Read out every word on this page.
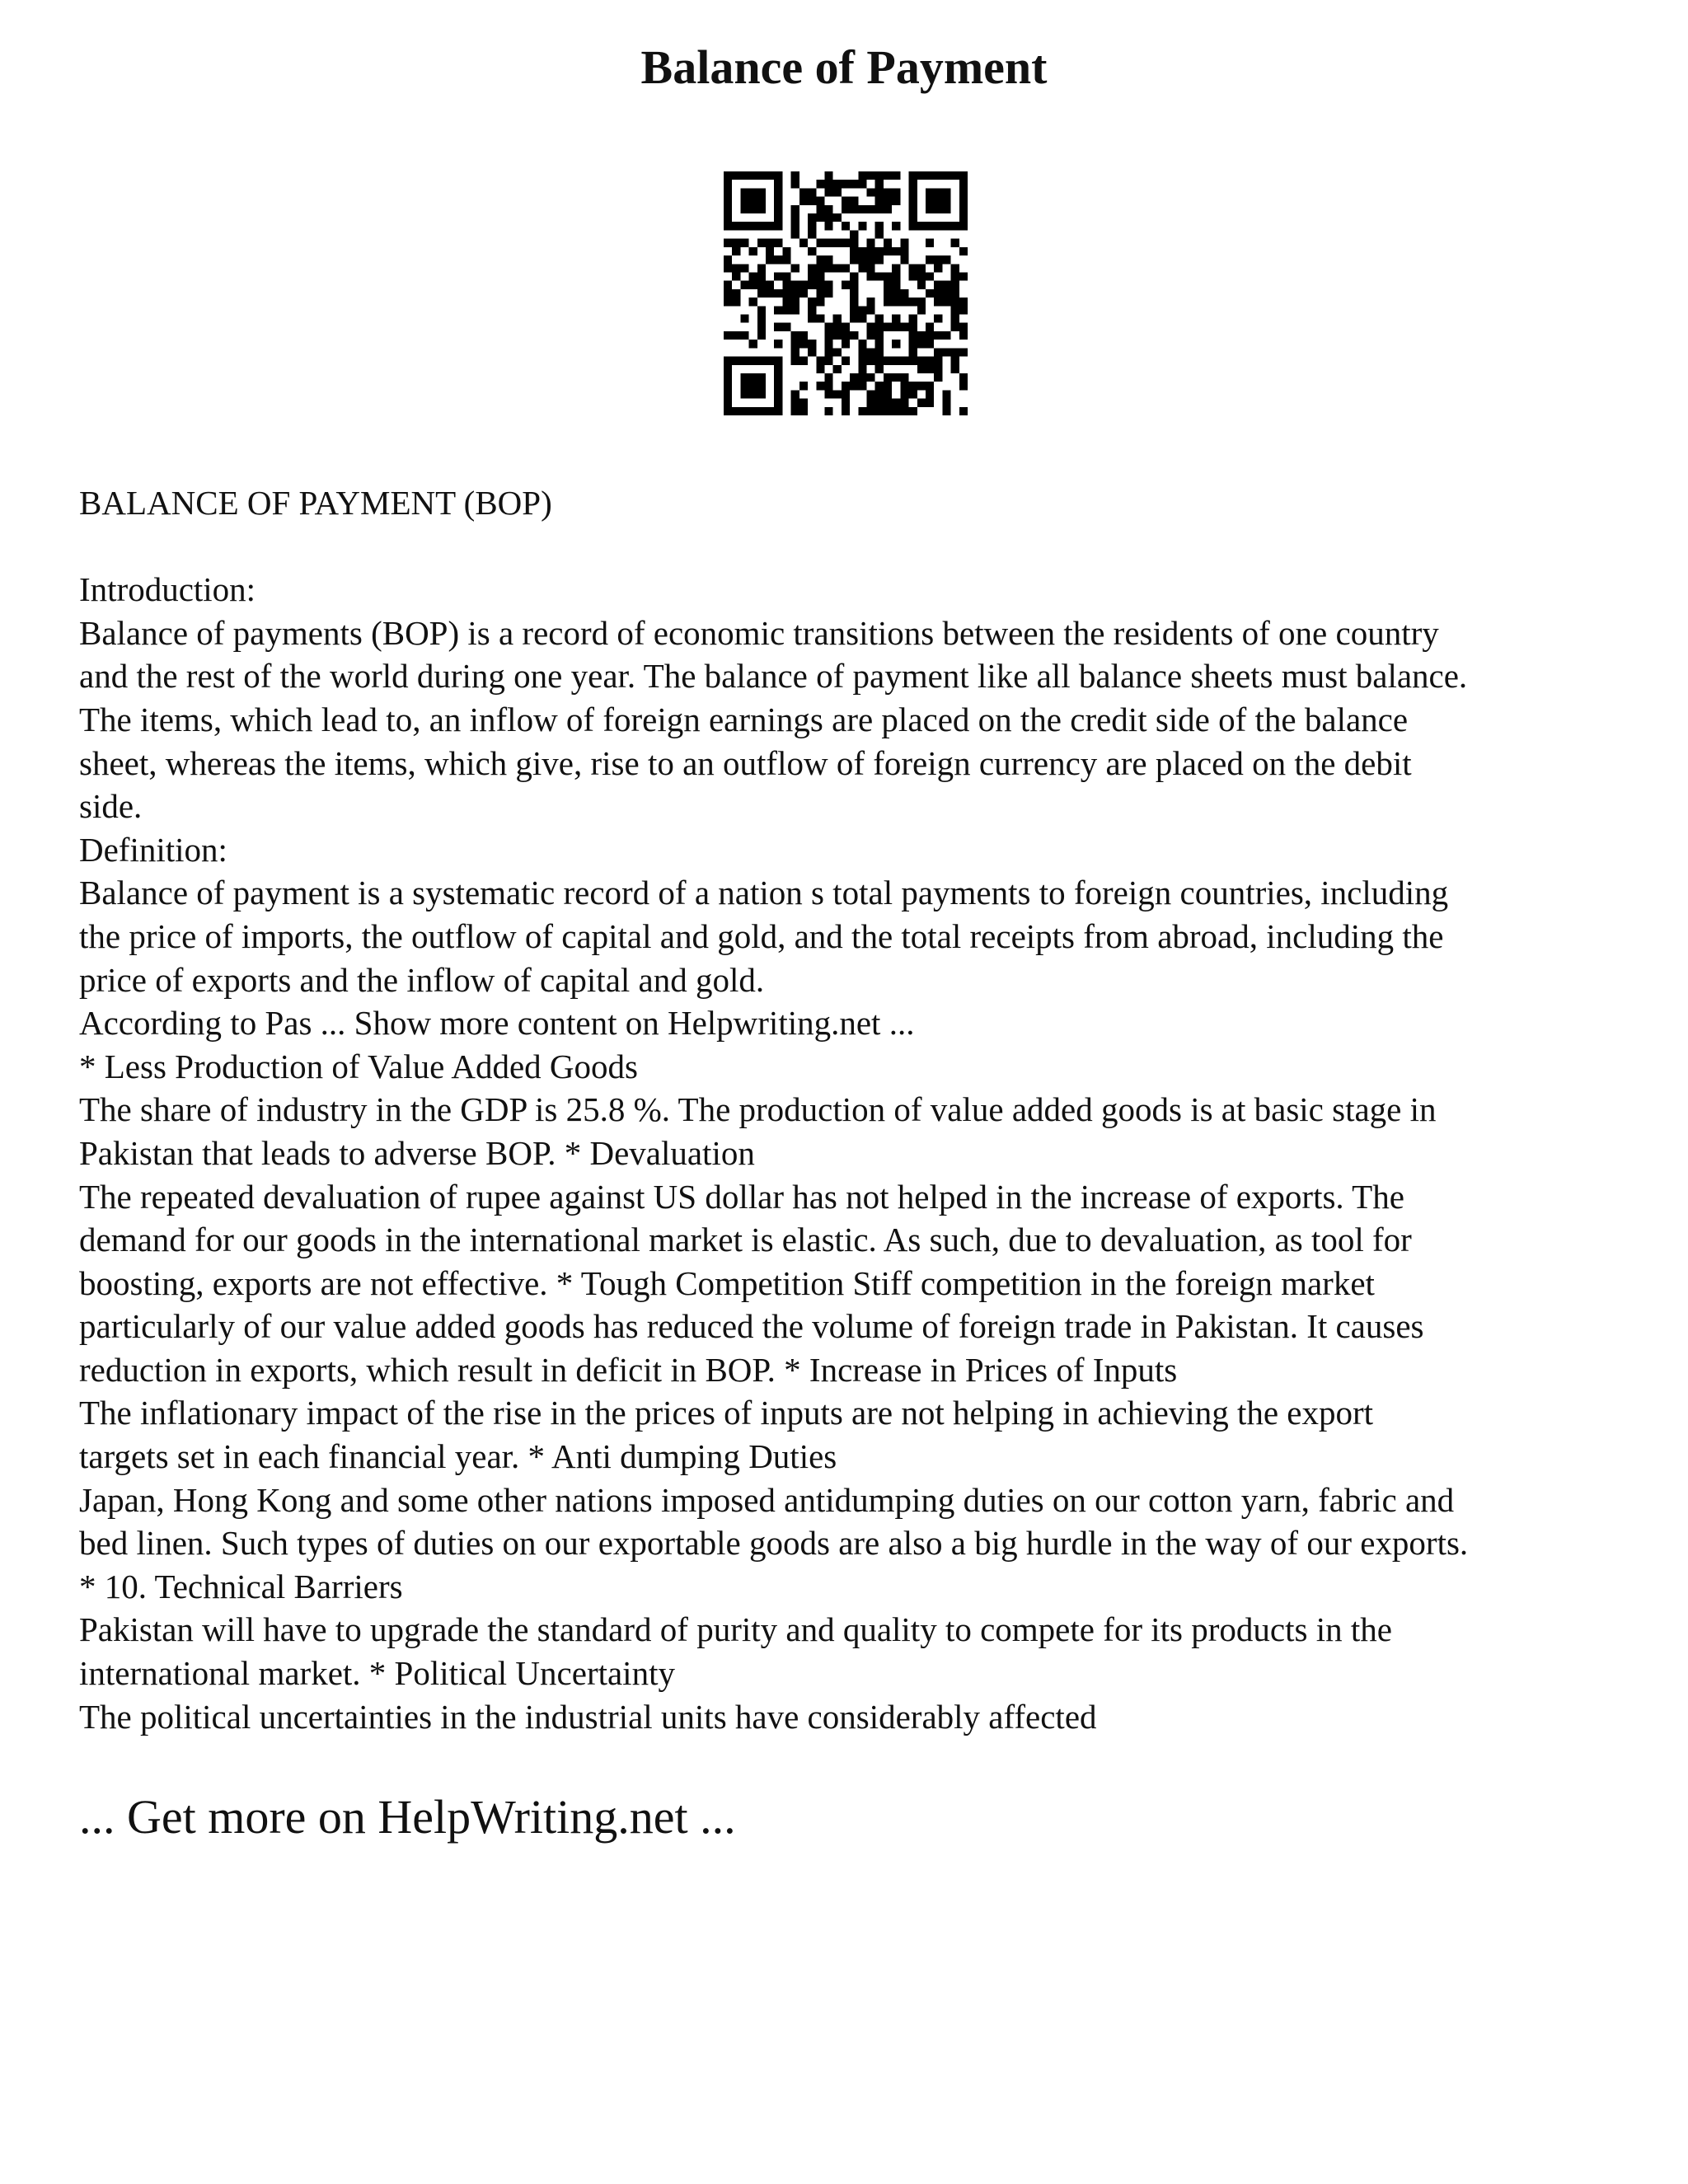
Balance of Payment
BALANCE OF PAYMENT (BOP)
Introduction:
Balance of payments (BOP) is a record of economic transitions between the residents of one country
and the rest of the world during one year. The balance of payment like all balance sheets must balance.
The items, which lead to, an inflow of foreign earnings are placed on the credit side of the balance
sheet, whereas the items, which give, rise to an outflow of foreign currency are placed on the debit
side.
Definition:
Balance of payment is a systematic record of a nation s total payments to foreign countries, including
the price of imports, the outflow of capital and gold, and the total receipts from abroad, including the
price of exports and the inflow of capital and gold.
According to Pas ... Show more content on Helpwriting.net ...
* Less Production of Value Added Goods
The share of industry in the GDP is 25.8 %. The production of value added goods is at basic stage in
Pakistan that leads to adverse BOP. * Devaluation
The repeated devaluation of rupee against US dollar has not helped in the increase of exports. The
demand for our goods in the international market is elastic. As such, due to devaluation, as tool for
boosting, exports are not effective. * Tough Competition Stiff competition in the foreign market
particularly of our value added goods has reduced the volume of foreign trade in Pakistan. It causes
reduction in exports, which result in deficit in BOP. * Increase in Prices of Inputs
The inflationary impact of the rise in the prices of inputs are not helping in achieving the export
targets set in each financial year. * Anti dumping Duties
Japan, Hong Kong and some other nations imposed antidumping duties on our cotton yarn, fabric and
bed linen. Such types of duties on our exportable goods are also a big hurdle in the way of our exports.
* 10. Technical Barriers
Pakistan will have to upgrade the standard of purity and quality to compete for its products in the
international market. * Political Uncertainty
The political uncertainties in the industrial units have considerably affected
... Get more on HelpWriting.net ...
